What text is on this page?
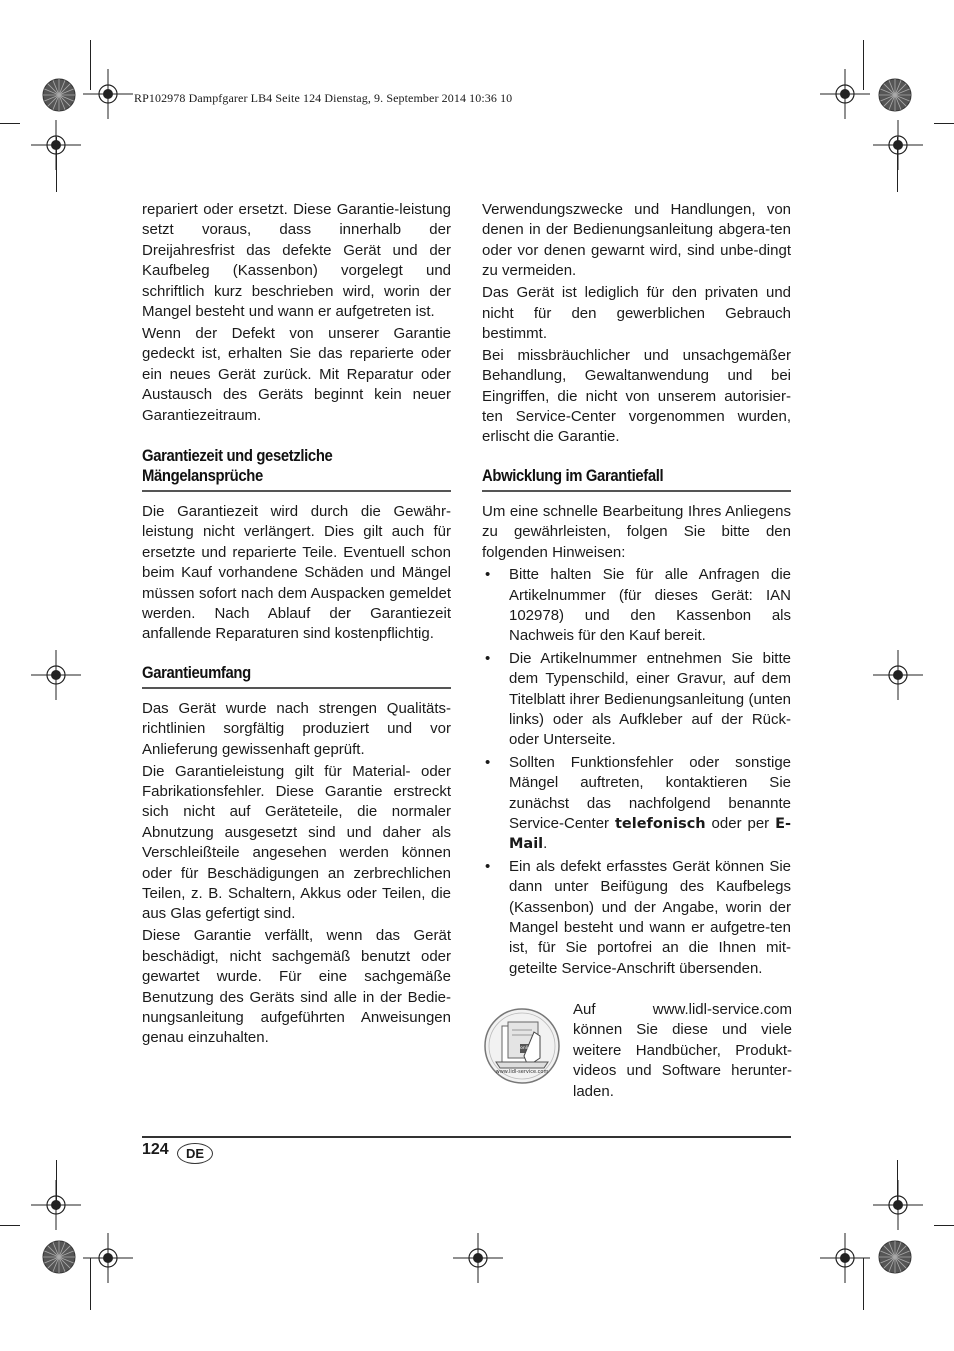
RP102978 Dampfgarer LB4 Seite 124 Dienstag, 9. September 2014 10:36 10

repariert oder ersetzt. Diese Garantie-leistung setzt voraus, dass innerhalb der Dreijahresfrist das defekte Gerät und der Kaufbeleg (Kassenbon) vorgelegt und schriftlich kurz beschrieben wird, worin der Mangel besteht und wann er aufgetreten ist.

Wenn der Defekt von unserer Garantie gedeckt ist, erhalten Sie das reparierte oder ein neues Gerät zurück. Mit Reparatur oder Austausch des Geräts beginnt kein neuer Garantiezeitraum.

Garantiezeit und gesetzliche Mängelansprüche

Die Garantiezeit wird durch die Gewähr-leistung nicht verlängert. Dies gilt auch für ersetzte und reparierte Teile. Eventuell schon beim Kauf vorhandene Schäden und Mängel müssen sofort nach dem Auspacken gemeldet werden. Nach Ablauf der Garantiezeit anfallende Reparaturen sind kostenpflichtig.

Garantieumfang

Das Gerät wurde nach strengen Qualitäts-richtlinien sorgfältig produziert und vor Anlieferung gewissenhaft geprüft.

Die Garantieleistung gilt für Material- oder Fabrikationsfehler. Diese Garantie erstreckt sich nicht auf Geräteteile, die normaler Abnutzung ausgesetzt sind und daher als Verschleißteile angesehen werden können oder für Beschädigungen an zerbrechlichen Teilen, z. B. Schaltern, Akkus oder Teilen, die aus Glas gefertigt sind.

Diese Garantie verfällt, wenn das Gerät beschädigt, nicht sachgemäß benutzt oder gewartet wurde. Für eine sachgemäße Benutzung des Geräts sind alle in der Bedie-nungsanleitung aufgeführten Anweisungen genau einzuhalten.

Verwendungszwecke und Handlungen, von denen in der Bedienungsanleitung abgera-ten oder vor denen gewarnt wird, sind unbe-dingt zu vermeiden.

Das Gerät ist lediglich für den privaten und nicht für den gewerblichen Gebrauch bestimmt.

Bei missbräuchlicher und unsachgemäßer Behandlung, Gewaltanwendung und bei Eingriffen, die nicht von unserem autorisier-ten Service-Center vorgenommen wurden, erlischt die Garantie.

Abwicklung im Garantiefall

Um eine schnelle Bearbeitung Ihres Anliegens zu gewährleisten, folgen Sie bitte den folgenden Hinweisen:

• Bitte halten Sie für alle Anfragen die Artikelnummer (für dieses Gerät: IAN 102978) und den Kassenbon als Nachweis für den Kauf bereit.
• Die Artikelnummer entnehmen Sie bitte dem Typenschild, einer Gravur, auf dem Titelblatt ihrer Bedienungsanleitung (unten links) oder als Aufkleber auf der Rück- oder Unterseite.
• Sollten Funktionsfehler oder sonstige Mängel auftreten, kontaktieren Sie zunächst das nachfolgend benannte Service-Center telefonisch oder per E-Mail.
• Ein als defekt erfasstes Gerät können Sie dann unter Beifügung des Kaufbelegs (Kassenbon) und der Angabe, worin der Mangel besteht und wann er aufgetre-ten ist, für Sie portofrei an die Ihnen mit-geteilte Service-Anschrift übersenden.
online
www.lidl-service.com
Auf www.lidl-service.com können Sie diese und viele weitere Handbücher, Produkt-videos und Software herunter-laden.
124	DE
